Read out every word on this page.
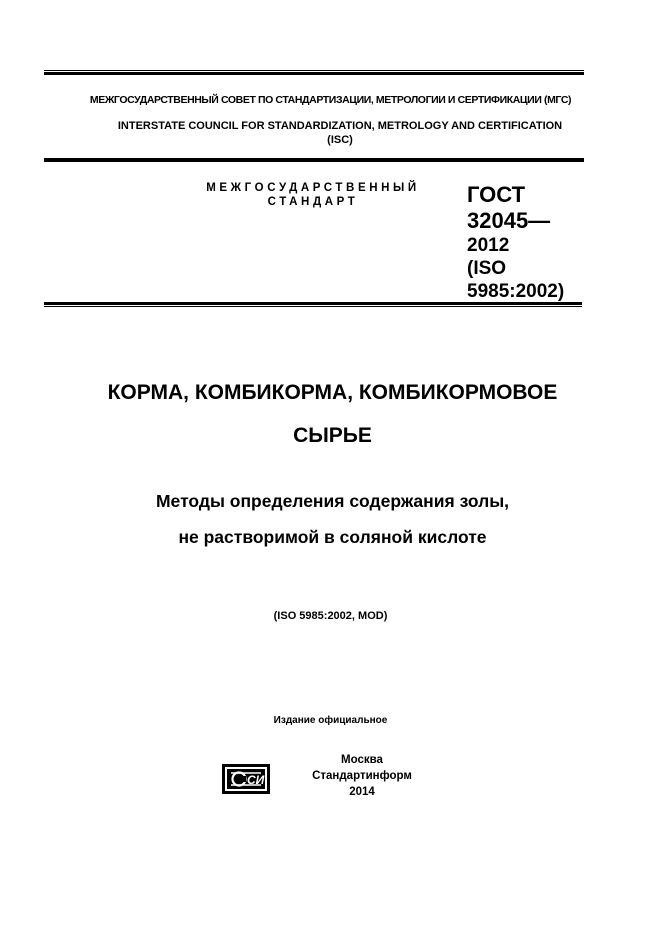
МЕЖГОСУДАРСТВЕННЫЙ СОВЕТ ПО СТАНДАРТИЗАЦИИ, МЕТРОЛОГИИ И СЕРТИФИКАЦИИ (МГС)
INTERSTATE COUNCIL FOR STANDARDIZATION, METROLOGY AND CERTIFICATION
(ISC)
МЕЖГОСУДАРСТВЕННЫЙ
СТАНДАРТ	ГОСТ
32045—
2012
(ISO
5985:2002)
КОРМА, КОМБИКОРМА, КОМБИКОРМОВОЕ
СЫРЬЕ
Методы определения содержания золы,
не растворимой в соляной кислоте
(ISO 5985:2002, MOD)
Издание официальное
СИ
Москва
Стандартинформ
2014
